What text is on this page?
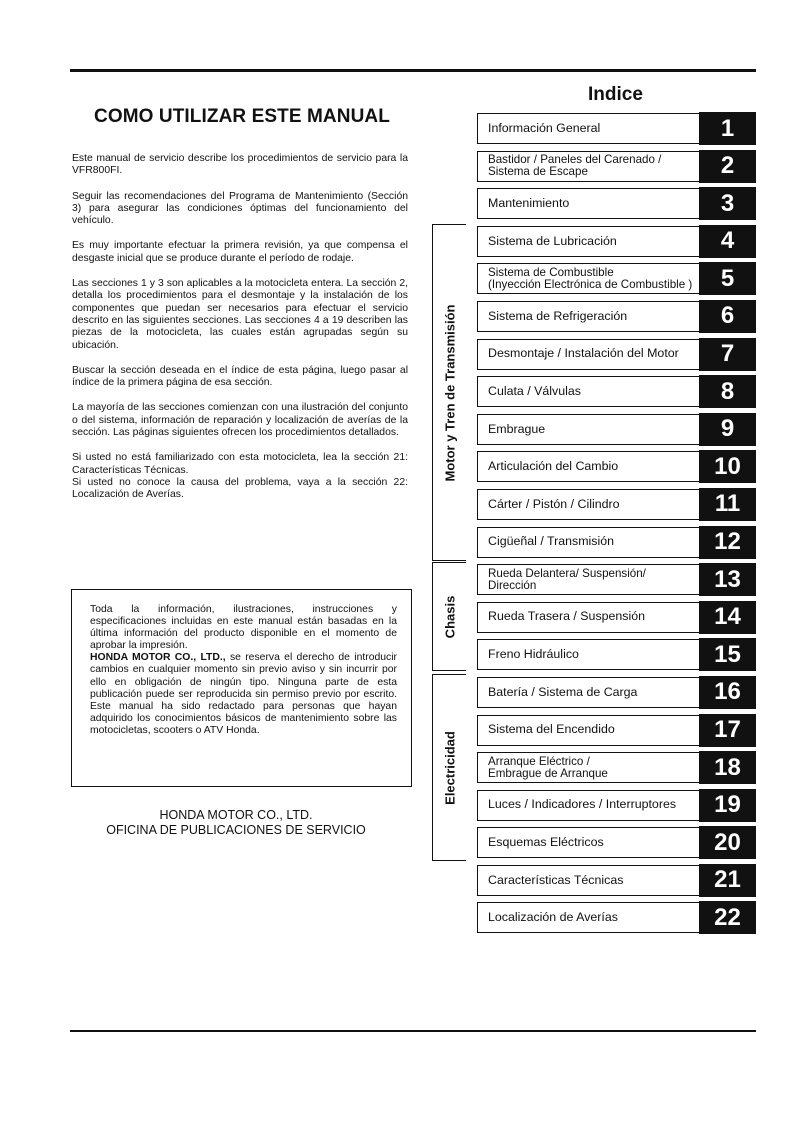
COMO UTILIZAR ESTE MANUAL

Este manual de servicio describe los procedimientos de servicio para la VFR800FI.

Seguir las recomendaciones del Programa de Mantenimiento (Sección 3) para asegurar las condiciones óptimas del funcionamiento del vehículo.

Es muy importante efectuar la primera revisión, ya que compensa el desgaste inicial que se produce durante el período de rodaje.

Las secciones 1 y 3 son aplicables a la motocicleta entera. La sección 2, detalla los procedimientos para el desmontaje y la instalación de los componentes que puedan ser necesarios para efectuar el servicio descrito en las siguientes secciones. Las secciones 4 a 19 describen las piezas de la motocicleta, las cuales están agrupadas según su ubicación.

Buscar la sección deseada en el índice de esta página, luego pasar al índice de la primera página de esa sección.

La mayoría de las secciones comienzan con una ilustración del conjunto o del sistema, información de reparación y localización de averías de la sección. Las páginas siguientes ofrecen los procedimientos detallados.

Si usted no está familiarizado con esta motocicleta, lea la sección 21: Características Técnicas.
Si usted no conoce la causa del problema, vaya a la sección 22: Localización de Averías.

Toda la información, ilustraciones, instrucciones y especificaciones incluidas en este manual están basadas en la última información del producto disponible en el momento de aprobar la impresión.

HONDA MOTOR CO., LTD., se reserva el derecho de introducir cambios en cualquier momento sin previo aviso y sin incurrir por ello en obligación de ningún tipo. Ninguna parte de esta publicación puede ser reproducida sin permiso previo por escrito. Este manual ha sido redactado para personas que hayan adquirido los conocimientos básicos de mantenimiento sobre las motocicletas, scooters o ATV Honda.

HONDA MOTOR CO., LTD.
OFICINA DE PUBLICACIONES DE SERVICIO
Indice
Motor y Tren de Transmisión
Chasis
Electricidad
Información General	1
Bastidor / Paneles del Carenado /
Sistema de Escape	2
Mantenimiento	3
Sistema de Lubricación	4
Sistema de Combustible
(Inyección Electrónica de Combustible )	5
Sistema de Refrigeración	6
Desmontaje / Instalación del Motor	7
Culata / Válvulas	8
Embrague	9
Articulación del Cambio	10
Cárter / Pistón / Cilindro	11
Cigüeñal / Transmisión	12
Rueda Delantera/ Suspensión/
Dirección	13
Rueda Trasera / Suspensión	14
Freno Hidráulico	15
Batería / Sistema de Carga	16
Sistema del Encendido	17
Arranque Eléctrico /
Embrague de Arranque	18
Luces / Indicadores / Interruptores	19
Esquemas Eléctricos	20
Características Técnicas	21
Localización de Averías	22
